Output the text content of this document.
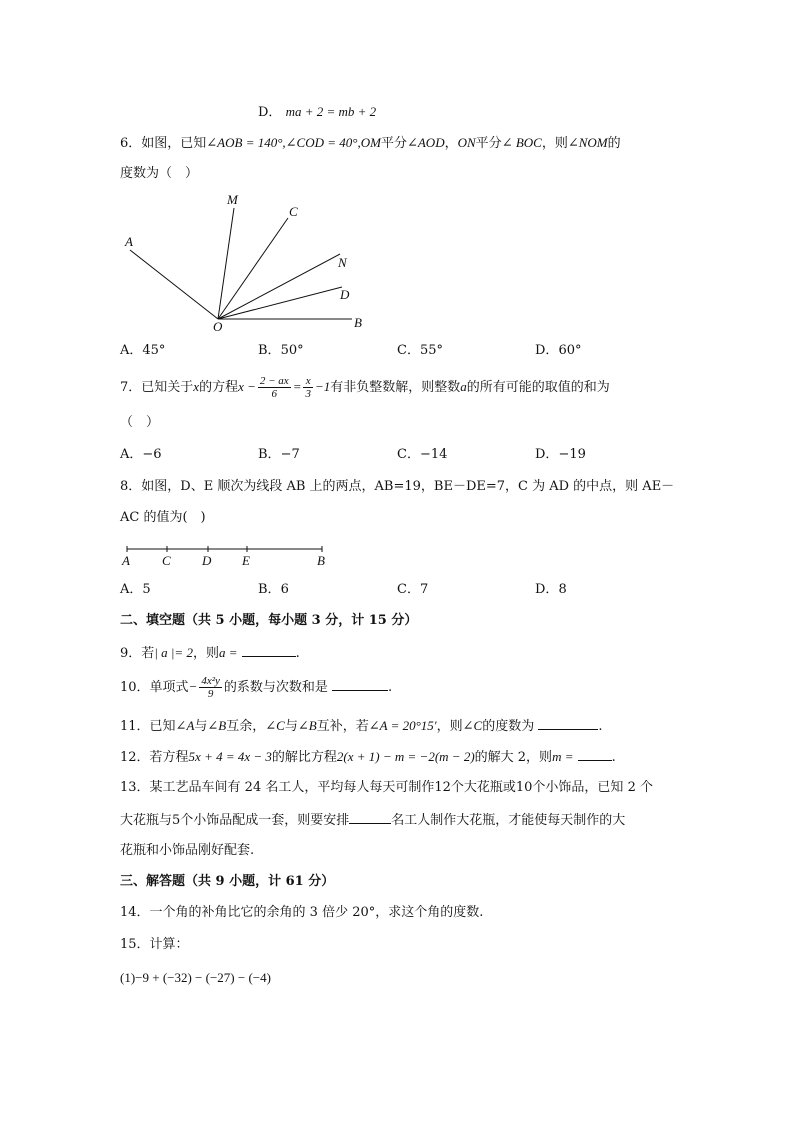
D． ma + 2 = mb + 2
6．如图，已知∠AOB = 140°,∠COD = 40°,OM平分∠AOD，ON平分∠ BOC，则∠NOM的
度数为（　）
M
C
A
N
D
O	B
A．45°	B．50°	C．55°	D．60°
7．已知关于x的方程$x - \frac{2 - ax}{6} = \frac{x}{3} -1$有非负整数解，则整数a的所有可能的取值的和为
（　）
A．−6	B．−7	C．−14	D．−19
8．如图，D、E 顺次为线段 AB 上的两点，AB=19，BE－DE=7，C 为 AD 的中点，则 AE－
AC 的值为(　)
A C D E	B
A．5	B．6	C．7	D．8
二、填空题（共 5 小题，每小题 3 分，计 15 分）
9．若| a |= 2，则a =	.
10．单项式− $\frac{\text{4x²y}}{9}$ 的系数与次数和是	.
11．已知∠A与∠B互余，∠C与∠B互补，若∠A = 20°15′，则∠C的度数为	.
12．若方程5x + 4 = 4x − 3的解比方程2(x + 1) − m = −2(m − 2)的解大 2，则m =	.
13．某工艺品车间有 24 名工人，平均每人每天可制作12个大花瓶或10个小饰品，已知 2 个
大花瓶与5个小饰品配成一套，则要安排	名工人制作大花瓶，才能使每天制作的大
花瓶和小饰品刚好配套.
三、解答题（共 9 小题，计 61 分）
14．一个角的补角比它的余角的 3 倍少 20°，求这个角的度数.
15．计算：
(1)−9 + (−32) − (−27) − (−4)
